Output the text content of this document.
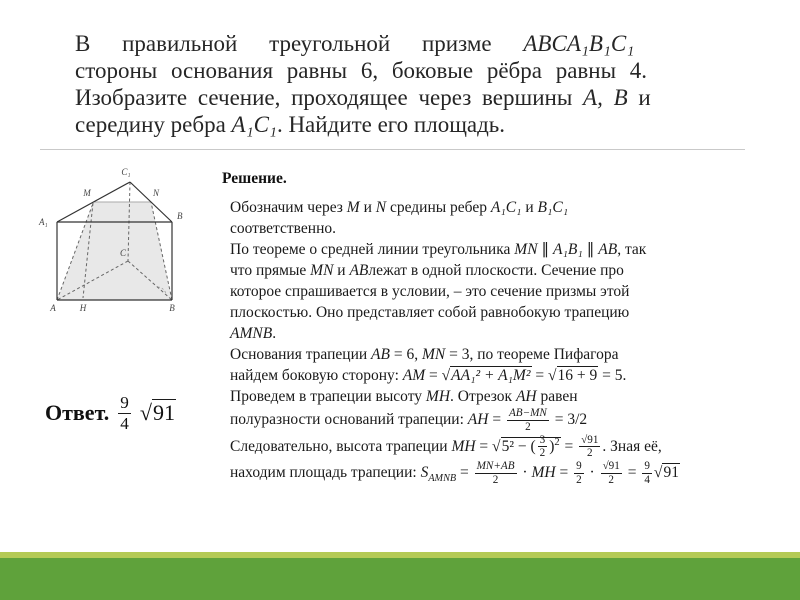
В правильной треугольной призме ABCA₁B₁C₁
стороны основания равны 6, боковые рёбра равны 4.
Изобразите сечение, проходящее через вершины A, B и
середину ребра A₁C₁. Найдите его площадь.
A₁
C₁
M	N
B
A	H	B
C
Решение.
Обозначим через M и N средины ребер A₁C₁ и B₁C₁
соответственно.
По теореме о средней линии треугольника MN ∥ A₁B₁ ∥ AB, так
что прямые MN и ABлежат в одной плоскости. Сечение про
которое спрашивается в условии, – это сечение призмы этой
плоскостью. Оно представляет собой равнобокую трапецию
AMNB.
Основания трапеции AB = 6, MN = 3, по теореме Пифагора
найдем боковую сторону: AM = √AA₁² + A₁M² = √16 + 9 = 5.
Проведем в трапеции высоту MH. Отрезок AH равен
полуразности оснований трапеции: AH = $\frac{AB-MN}{2} = 3/2$
Следовательно, высота трапеции MH = √5² − ( $\frac{3}{2} )^2 = \frac{√91}{2}$ . Зная её,
находим площадь трапеции: $S_{AMNB} = \frac{MN+AB}{2}$ · MH = $\frac{9}{2} \cdot \frac{√91}{2} = \frac{9}{4} √91$
Ответ. $\frac{9}{4} √91$
